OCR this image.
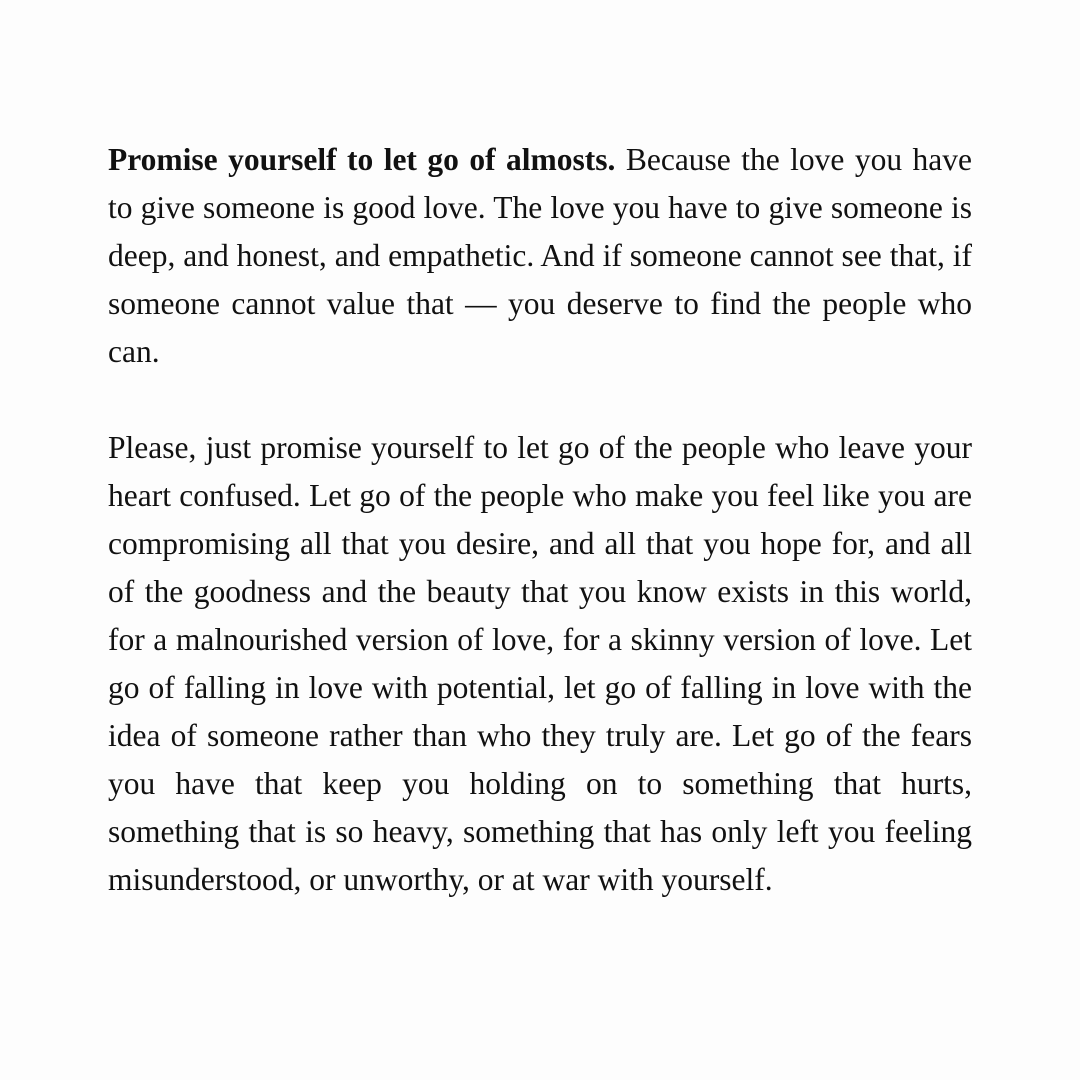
Promise yourself to let go of almosts. Because the love you have to give someone is good love. The love you have to give someone is deep, and honest, and empathetic. And if someone cannot see that, if someone cannot value that — you deserve to find the people who can.

Please, just promise yourself to let go of the people who leave your heart confused. Let go of the people who make you feel like you are compromising all that you desire, and all that you hope for, and all of the goodness and the beauty that you know exists in this world, for a malnourished version of love, for a skinny version of love. Let go of falling in love with potential, let go of falling in love with the idea of someone rather than who they truly are. Let go of the fears you have that keep you holding on to something that hurts, something that is so heavy, something that has only left you feeling misunderstood, or unworthy, or at war with yourself.
